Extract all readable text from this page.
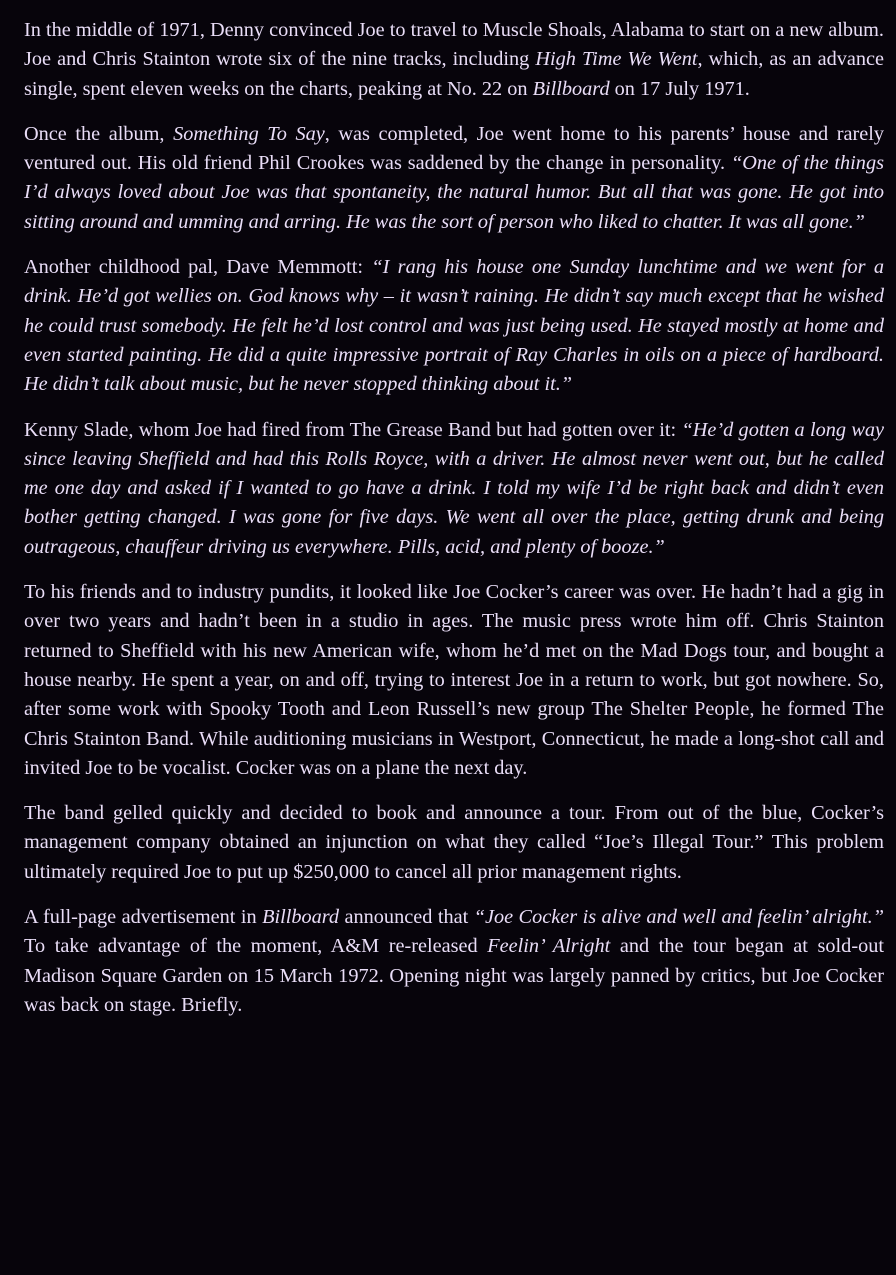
In the middle of 1971, Denny convinced Joe to travel to Muscle Shoals, Alabama to start on a new album. Joe and Chris Stainton wrote six of the nine tracks, including High Time We Went, which, as an advance single, spent eleven weeks on the charts, peaking at No. 22 on Billboard on 17 July 1971.

Once the album, Something To Say, was completed, Joe went home to his parents’ house and rarely ventured out. His old friend Phil Crookes was saddened by the change in personality. “One of the things I’d always loved about Joe was that spontaneity, the natural humor. But all that was gone. He got into sitting around and umming and arring. He was the sort of person who liked to chatter. It was all gone.”

Another childhood pal, Dave Memmott: “I rang his house one Sunday lunchtime and we went for a drink. He’d got wellies on. God knows why – it wasn’t raining. He didn’t say much except that he wished he could trust somebody. He felt he’d lost control and was just being used. He stayed mostly at home and even started painting. He did a quite impressive portrait of Ray Charles in oils on a piece of hardboard. He didn’t talk about music, but he never stopped thinking about it.”

Kenny Slade, whom Joe had fired from The Grease Band but had gotten over it: “He’d gotten a long way since leaving Sheffield and had this Rolls Royce, with a driver. He almost never went out, but he called me one day and asked if I wanted to go have a drink. I told my wife I’d be right back and didn’t even bother getting changed. I was gone for five days. We went all over the place, getting drunk and being outrageous, chauffeur driving us everywhere. Pills, acid, and plenty of booze.”

To his friends and to industry pundits, it looked like Joe Cocker’s career was over. He hadn’t had a gig in over two years and hadn’t been in a studio in ages. The music press wrote him off. Chris Stainton returned to Sheffield with his new American wife, whom he’d met on the Mad Dogs tour, and bought a house nearby. He spent a year, on and off, trying to interest Joe in a return to work, but got nowhere. So, after some work with Spooky Tooth and Leon Russell’s new group The Shelter People, he formed The Chris Stainton Band. While auditioning musicians in Westport, Connecticut, he made a long-shot call and invited Joe to be vocalist. Cocker was on a plane the next day.

The band gelled quickly and decided to book and announce a tour. From out of the blue, Cocker’s management company obtained an injunction on what they called “Joe’s Illegal Tour.” This problem ultimately required Joe to put up $250,000 to cancel all prior management rights.

A full-page advertisement in Billboard announced that “Joe Cocker is alive and well and feelin’ alright.” To take advantage of the moment, A&M re-released Feelin’ Alright and the tour began at sold-out Madison Square Garden on 15 March 1972. Opening night was largely panned by critics, but Joe Cocker was back on stage. Briefly.
